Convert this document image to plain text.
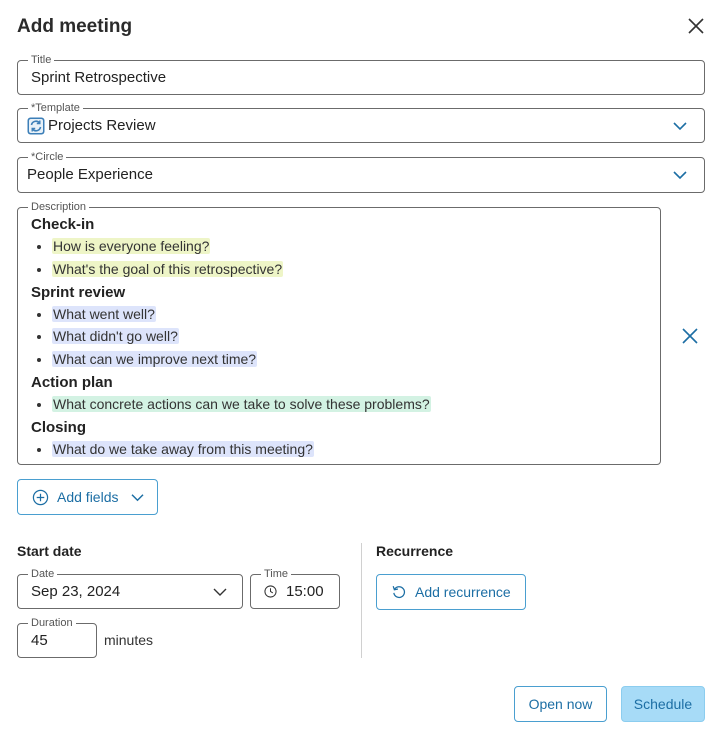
Add meeting
Title
Sprint Retrospective
*Template
Projects Review
*Circle
People Experience
Description
Check-in
• How is everyone feeling?
• What's the goal of this retrospective?
Sprint review
• What went well?
• What didn't go well?
• What can we improve next time?
Action plan
• What concrete actions can we take to solve these problems?
Closing
• What do we take away from this meeting?
Add fields
Start date
Date
Sep 23, 2024
Time
15:00
Duration
45	minutes
Recurrence
Add recurrence
Open now	Schedule
